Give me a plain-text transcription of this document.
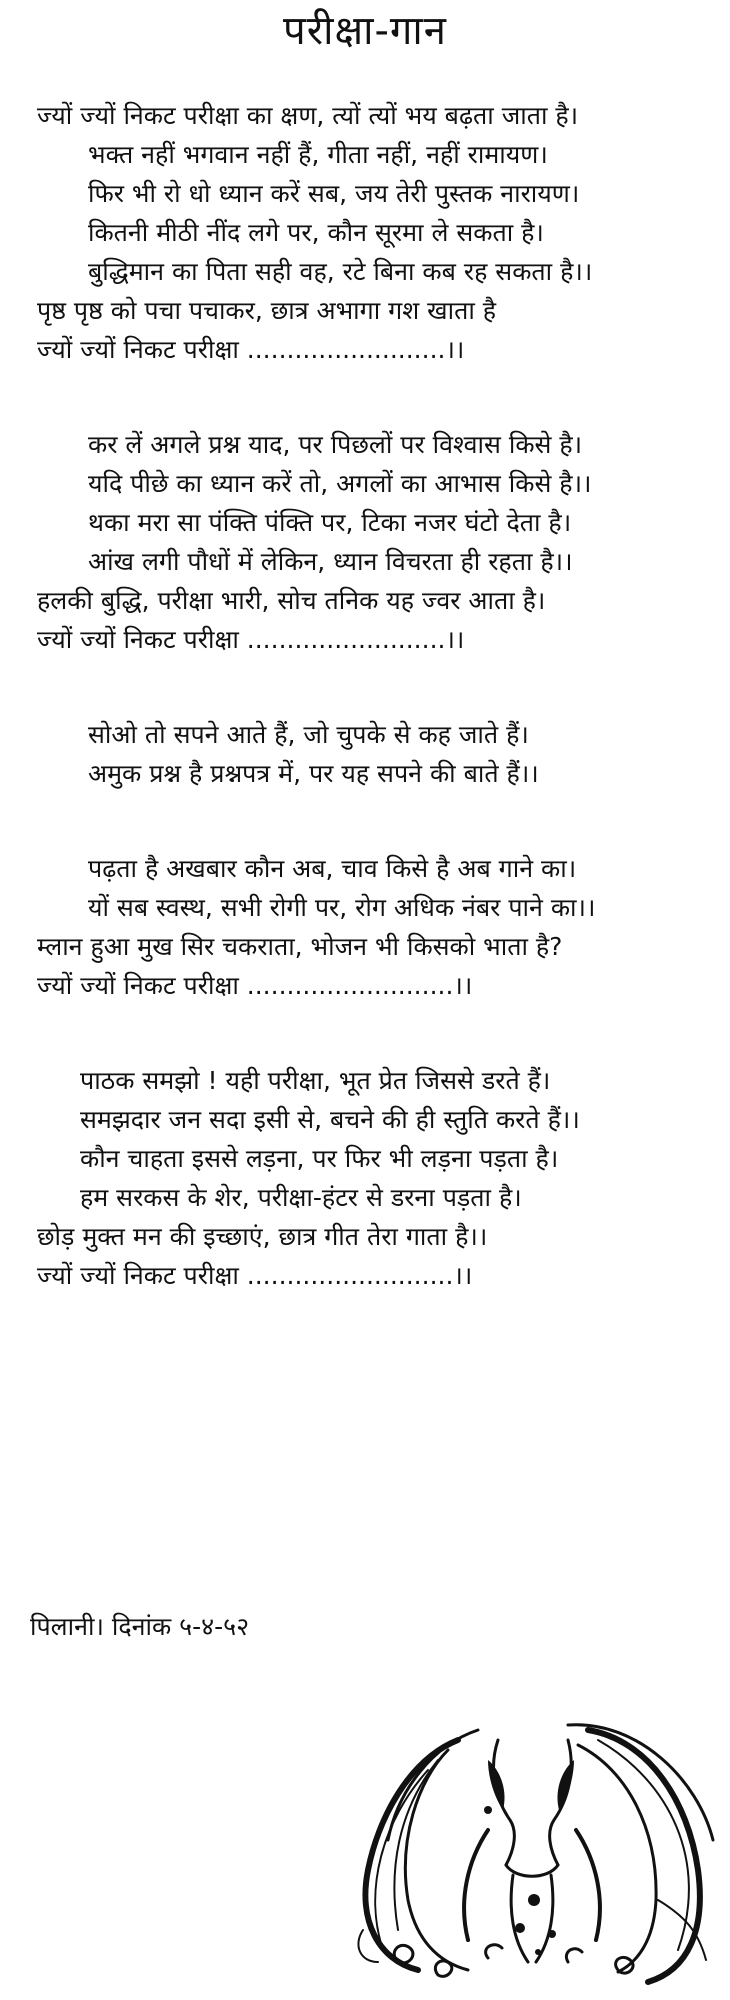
परीक्षा-गान
ज्यों ज्यों निकट परीक्षा का क्षण, त्यों त्यों भय बढ़ता जाता है।
भक्त नहीं भगवान नहीं हैं, गीता नहीं, नहीं रामायण।
फिर भी रो धो ध्यान करें सब, जय तेरी पुस्तक नारायण।
कितनी मीठी नींद लगे पर, कौन सूरमा ले सकता है।
बुद्धिमान का पिता सही वह, रटे बिना कब रह सकता है।।
पृष्ठ पृष्ठ को पचा पचाकर, छात्र अभागा गश खाता है
ज्यों ज्यों निकट परीक्षा .........................।।
कर लें अगले प्रश्न याद, पर पिछलों पर विश्वास किसे है।
यदि पीछे का ध्यान करें तो, अगलों का आभास किसे है।।
थका मरा सा पंक्ति पंक्ति पर, टिका नजर घंटो देता है।
आंख लगी पौधों में लेकिन, ध्यान विचरता ही रहता है।।
हलकी बुद्धि, परीक्षा भारी, सोच तनिक यह ज्वर आता है।
ज्यों ज्यों निकट परीक्षा .........................।।
सोओ तो सपने आते हैं, जो चुपके से कह जाते हैं।
अमुक प्रश्न है प्रश्नपत्र में, पर यह सपने की बाते हैं।।
पढ़ता है अखबार कौन अब, चाव किसे है अब गाने का।
यों सब स्वस्थ, सभी रोगी पर, रोग अधिक नंबर पाने का।।
म्लान हुआ मुख सिर चकराता, भोजन भी किसको भाता है?
ज्यों ज्यों निकट परीक्षा ..........................।।
पाठक समझो ! यही परीक्षा, भूत प्रेत जिससे डरते हैं।
समझदार जन सदा इसी से, बचने की ही स्तुति करते हैं।।
कौन चाहता इससे लड़ना, पर फिर भी लड़ना पड़ता है।
हम सरकस के शेर, परीक्षा-हंटर से डरना पड़ता है।
छोड़ मुक्त मन की इच्छाएं, छात्र गीत तेरा गाता है।।
ज्यों ज्यों निकट परीक्षा ..........................।।
पिलानी। दिनांक ५-४-५२
